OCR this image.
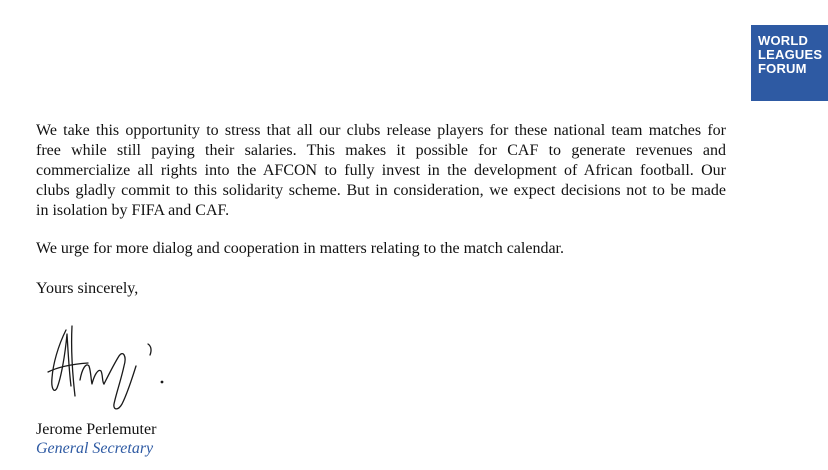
WORLD
LEAGUES
FORUM
We take this opportunity to stress that all our clubs release players for these national team matches for
free while still paying their salaries. This makes it possible for CAF to generate revenues and
commercialize all rights into the AFCON to fully invest in the development of African football. Our
clubs gladly commit to this solidarity scheme. But in consideration, we expect decisions not to be made
in isolation by FIFA and CAF.

We urge for more dialog and cooperation in matters relating to the match calendar.

Yours sincerely,

Jerome Perlemuter
General Secretary
